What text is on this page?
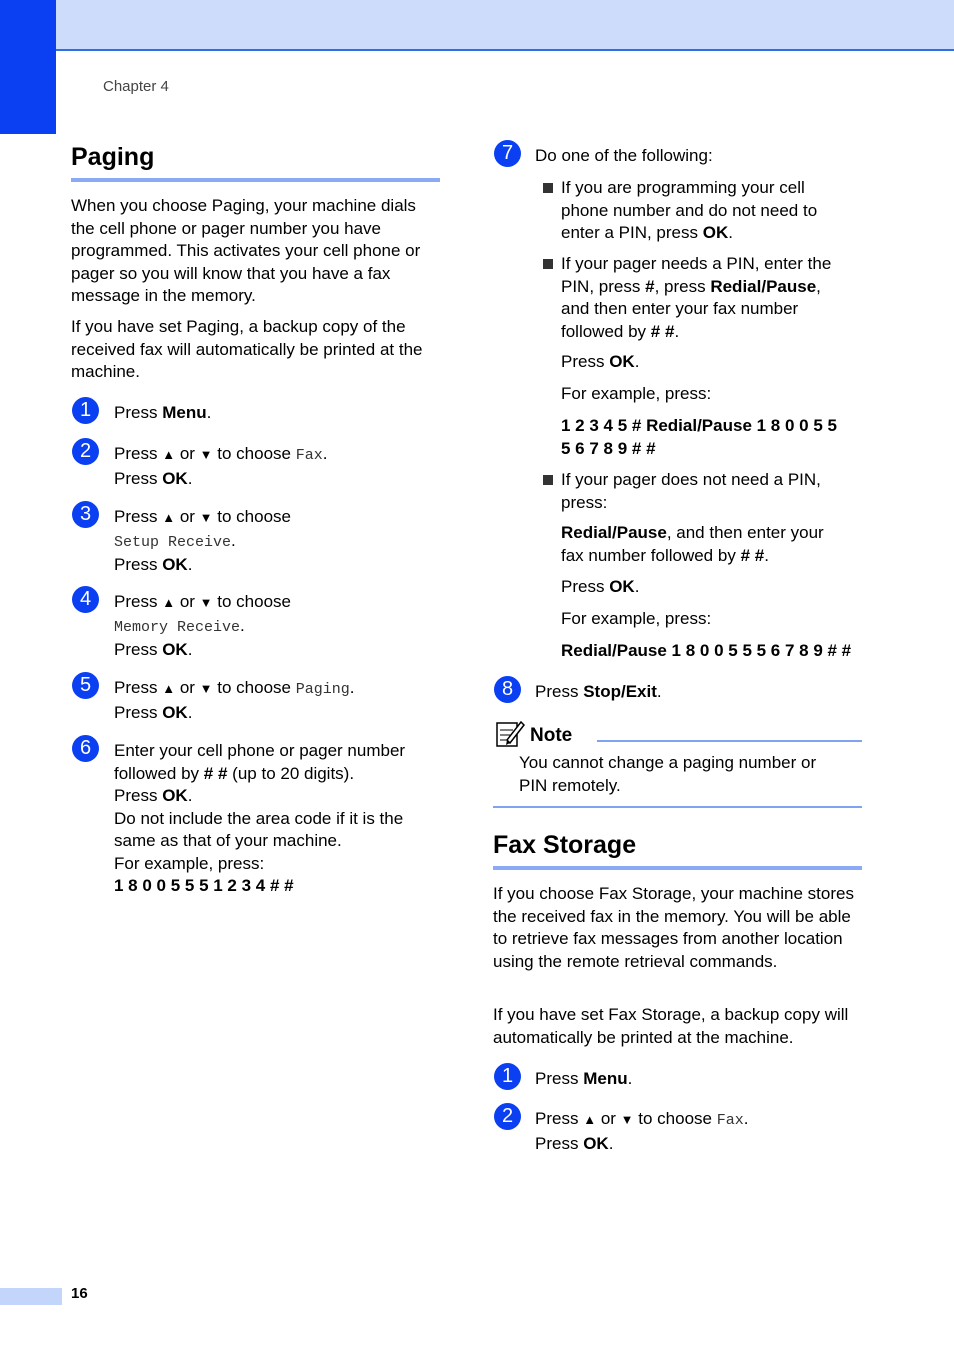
Chapter 4
Paging

When you choose Paging, your machine dials the cell phone or pager number you have programmed. This activates your cell phone or pager so you will know that you have a fax message in the memory.

If you have set Paging, a backup copy of the received fax will automatically be printed at the machine.

1	Press Menu.
2	Press ▲ or ▼ to choose Fax.
Press OK.
3	Press ▲ or ▼ to choose
Setup Receive.
Press OK.
4	Press ▲ or ▼ to choose
Memory Receive.
Press OK.
5	Press ▲ or ▼ to choose Paging.
Press OK.
6	Enter your cell phone or pager number
followed by # # (up to 20 digits).
Press OK.
Do not include the area code if it is the
same as that of your machine.
For example, press:
1 8 0 0 5 5 5 1 2 3 4 # #
7	Do one of the following:
If you are programming your cell
phone number and do not need to
enter a PIN, press OK.
If your pager needs a PIN, enter the
PIN, press #, press Redial/Pause,
and then enter your fax number
followed by # #.
Press OK.
For example, press:
1 2 3 4 5 # Redial/Pause 1 8 0 0 5 5
5 6 7 8 9 # #
If your pager does not need a PIN,
press:
Redial/Pause, and then enter your
fax number followed by # #.
Press OK.
For example, press:
Redial/Pause 1 8 0 0 5 5 5 6 7 8 9 # #
8	Press Stop/Exit.
Note
You cannot change a paging number or
PIN remotely.
Fax Storage

If you choose Fax Storage, your machine stores the received fax in the memory. You will be able to retrieve fax messages from another location using the remote retrieval commands.

If you have set Fax Storage, a backup copy will automatically be printed at the machine.

1	Press Menu.
2	Press ▲ or ▼ to choose Fax.
Press OK.
16
